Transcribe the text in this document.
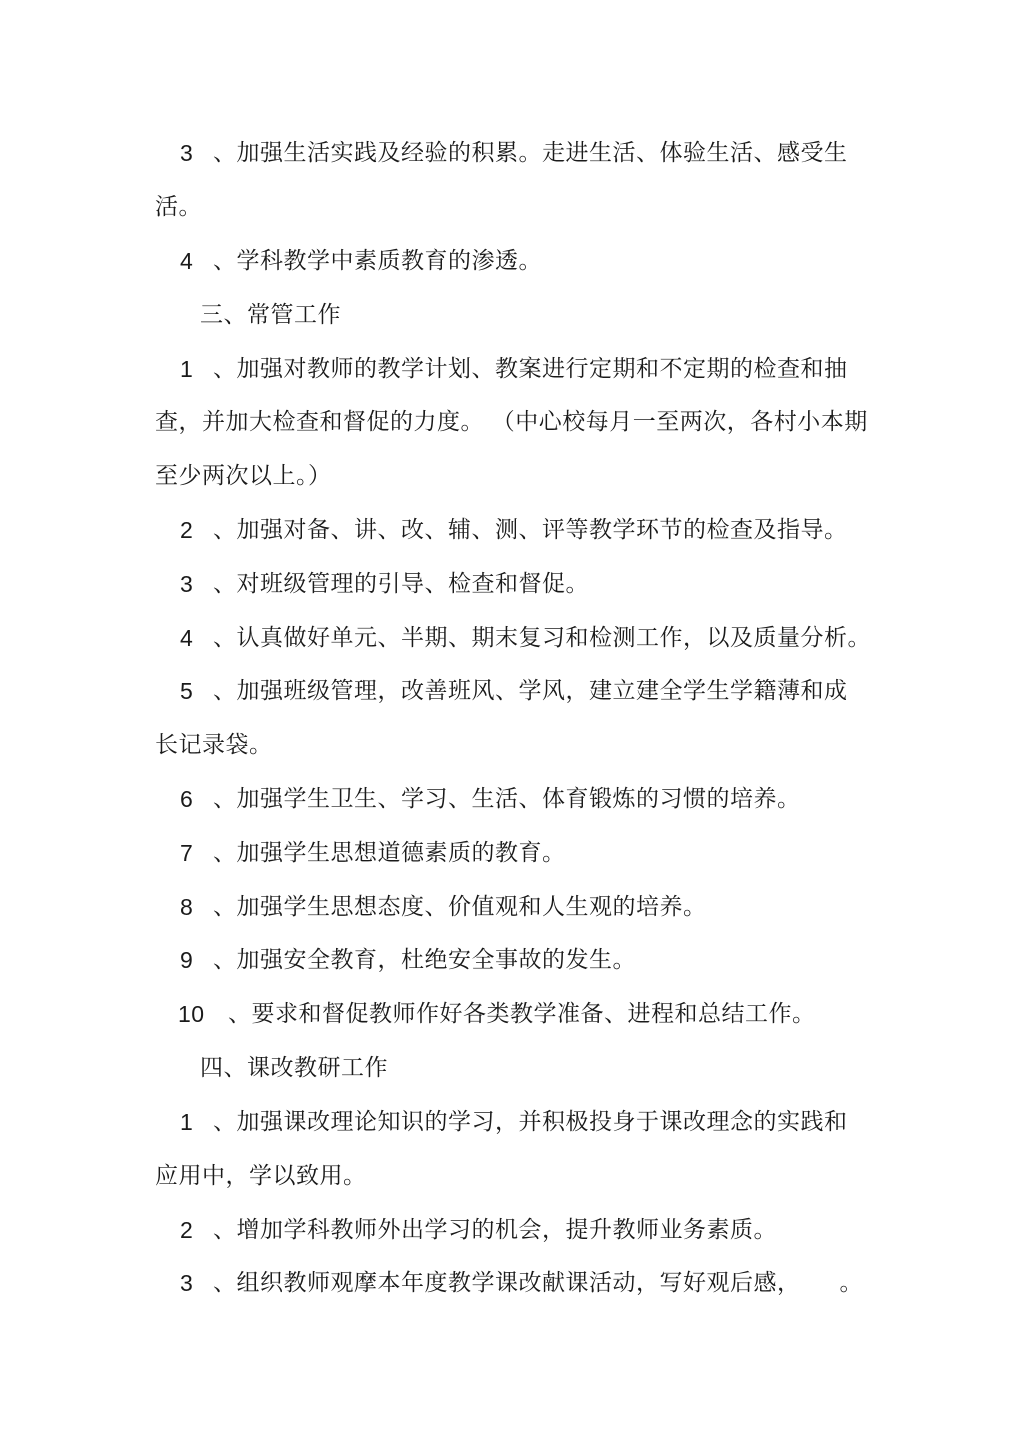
3 、加强生活实践及经验的积累。走进生活、体验生活、感受生
活。
4 、学科教学中素质教育的渗透。
三、常管工作
1 、加强对教师的教学计划、教案进行定期和不定期的检查和抽
查，并加大检查和督促的力度。 （中心校每月一至两次，各村小本期
至少两次以上。）
2 、加强对备、讲、改、辅、测、评等教学环节的检查及指导。
3 、对班级管理的引导、检查和督促。
4 、认真做好单元、半期、期末复习和检测工作，以及质量分析。
5 、加强班级管理，改善班风、学风，建立建全学生学籍薄和成
长记录袋。
6 、加强学生卫生、学习、生活、体育锻炼的习惯的培养。
7 、加强学生思想道德素质的教育。
8 、加强学生思想态度、价值观和人生观的培养。
9 、加强安全教育，杜绝安全事故的发生。
10 、要求和督促教师作好各类教学准备、进程和总结工作。
四、课改教研工作
1 、加强课改理论知识的学习，并积极投身于课改理念的实践和
应用中，学以致用。
2 、增加学科教师外出学习的机会，提升教师业务素质。
3 、组织教师观摩本年度教学课改献课活动，写好观后感，     。
